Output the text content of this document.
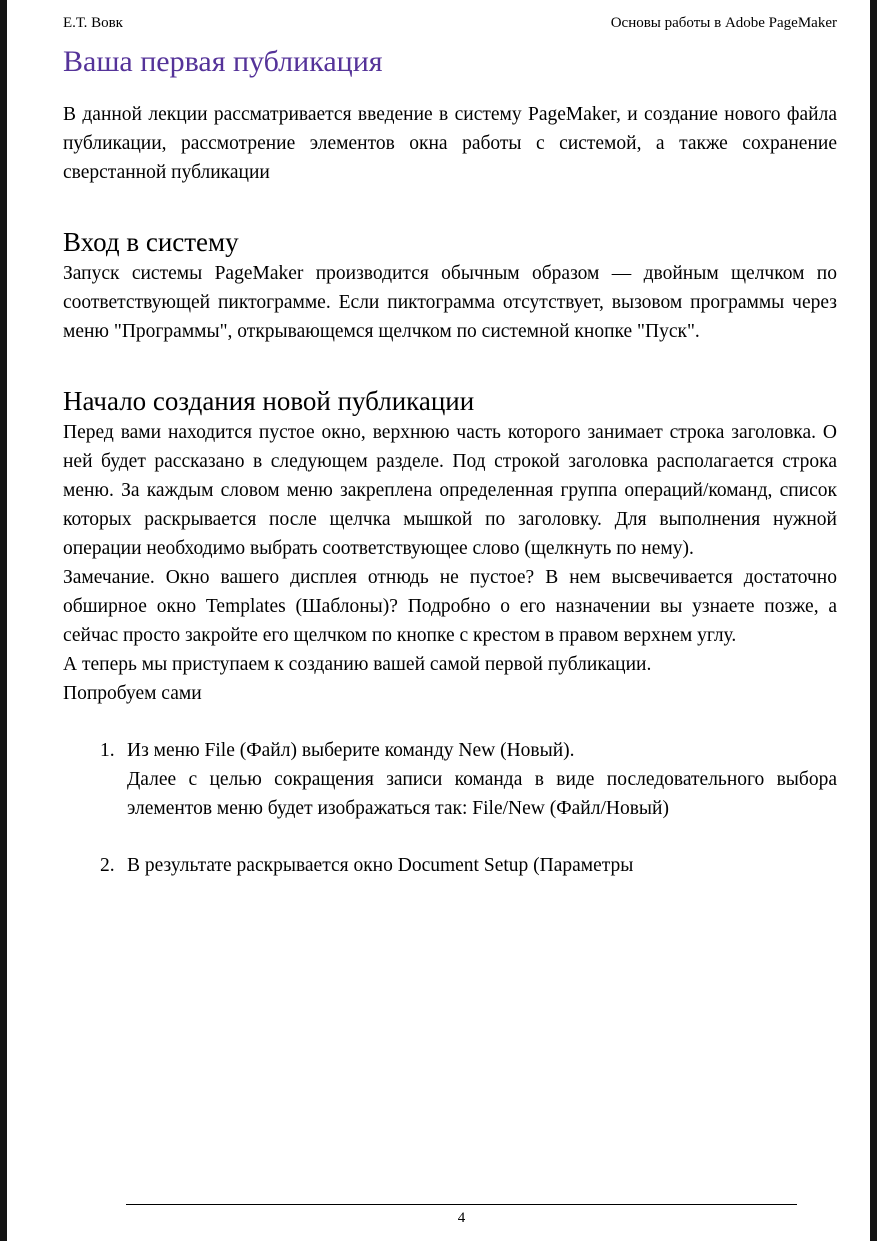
Е.Т. Вовк	Основы работы в Adobe PageMaker
Ваша первая публикация

В данной лекции рассматривается введение в систему PageMaker, и создание нового файла публикации, рассмотрение элементов окна работы с системой, а также сохранение сверстанной публикации

Вход в систему

Запуск системы PageMaker производится обычным образом — двойным щелчком по соответствующей пиктограмме. Если пиктограмма отсутствует, вызовом программы через меню "Программы", открывающемся щелчком по системной кнопке "Пуск".

Начало создания новой публикации

Перед вами находится пустое окно, верхнюю часть которого занимает строка заголовка. О ней будет рассказано в следующем разделе. Под строкой заголовка располагается строка меню. За каждым словом меню закреплена определенная группа операций/команд, список которых раскрывается после щелчка мышкой по заголовку. Для выполнения нужной операции необходимо выбрать соответствующее слово (щелкнуть по нему).

Замечание. Окно вашего дисплея отнюдь не пустое? В нем высвечивается достаточно обширное окно Templates (Шаблоны)? Подробно о его назначении вы узнаете позже, а сейчас просто закройте его щелчком по кнопке с крестом в правом верхнем углу.

А теперь мы приступаем к созданию вашей самой первой публикации.

Попробуем сами

Из меню File (Файл) выберите команду New (Новый).
Далее с целью сокращения записи команда в виде последовательного выбора элементов меню будет изображаться так: File/New (Файл/Новый)
В результате раскрывается окно Document Setup (Параметры
4
